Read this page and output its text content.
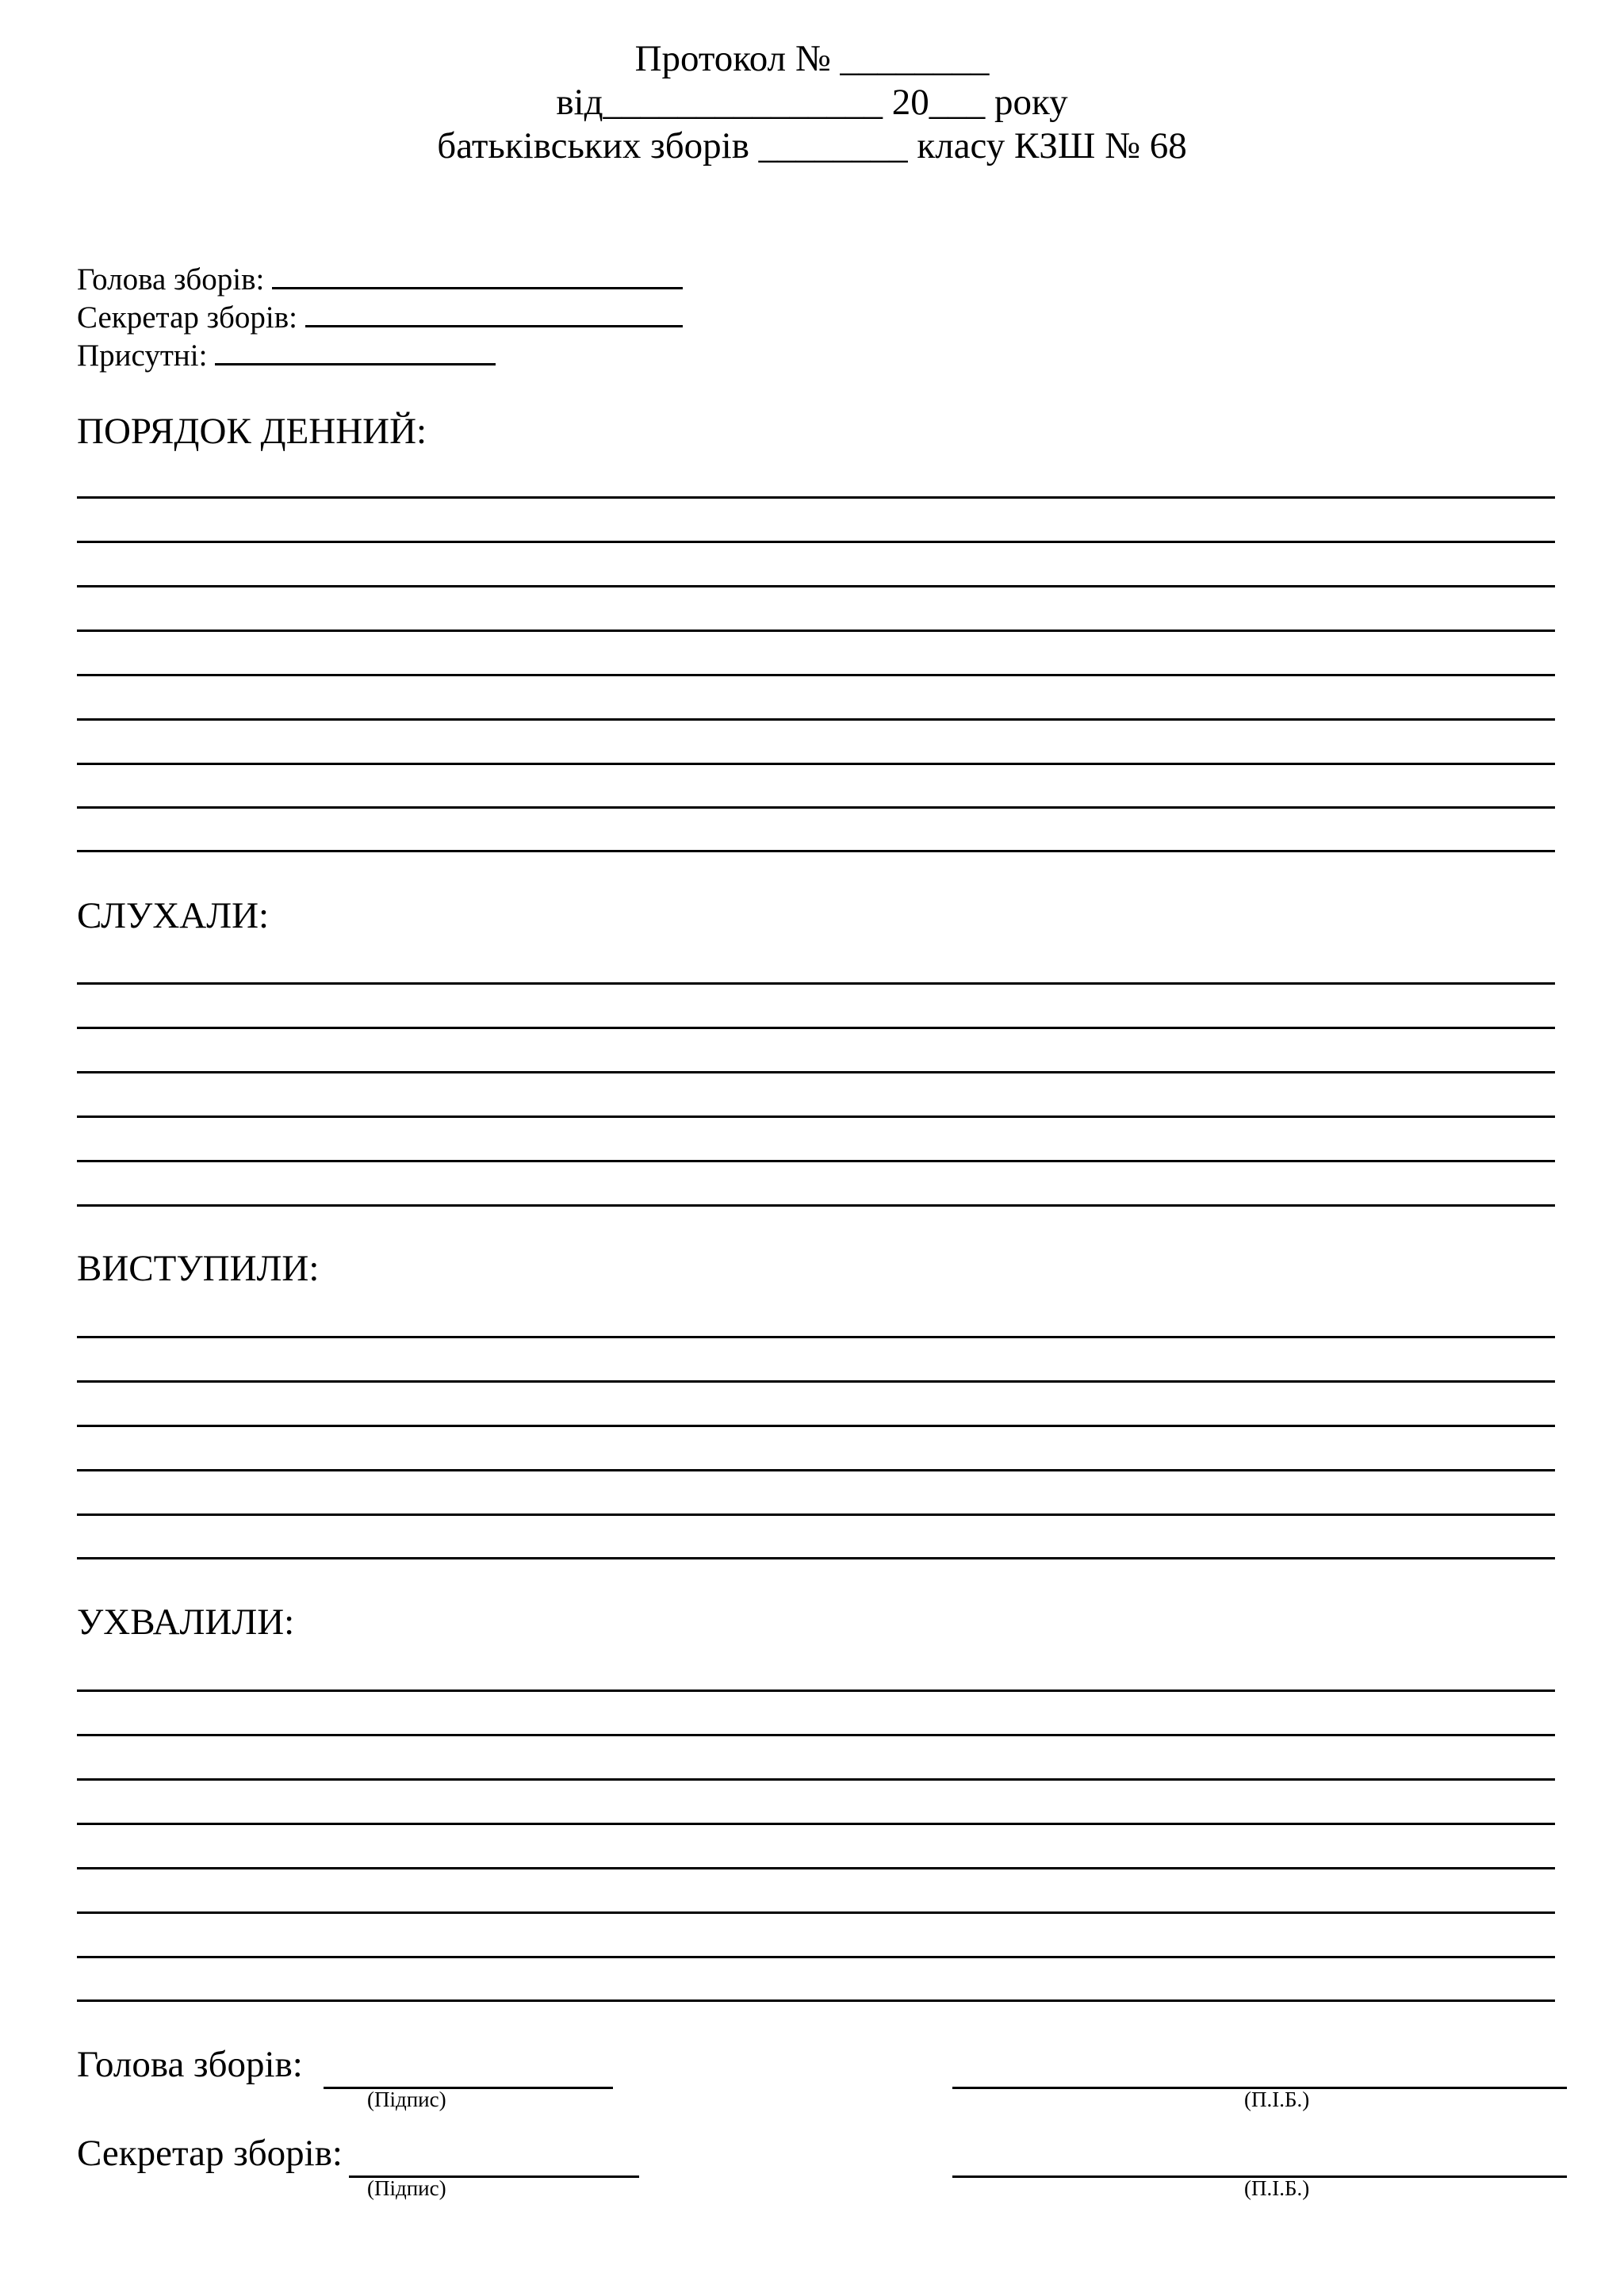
Протокол № ________
від_______________ 20___ року
батьківських зборів ________ класу КЗШ № 68
Голова зборів:
Секретар зборів:
Присутні:
ПОРЯДОК ДЕННИЙ:
СЛУХАЛИ:
ВИСТУПИЛИ:
УХВАЛИЛИ:
Голова зборів:
(Підпис)	(П.І.Б.)
Секретар зборів:
(Підпис)	(П.І.Б.)
